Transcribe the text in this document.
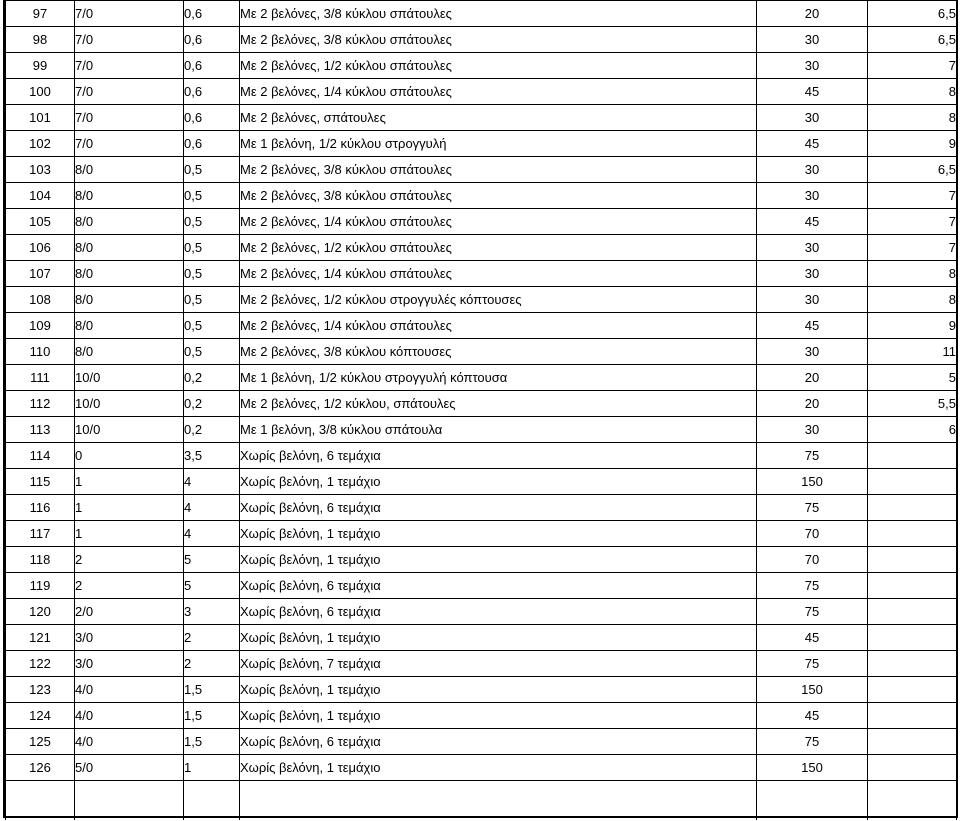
97	7/0	0,6	Με 2 βελόνες, 3/8 κύκλου σπάτουλες	20	6,5
98	7/0	0,6	Με 2 βελόνες, 3/8 κύκλου σπάτουλες	30	6,5
99	7/0	0,6	Με 2 βελόνες, 1/2 κύκλου σπάτουλες	30	7
100	7/0	0,6	Με 2 βελόνες, 1/4 κύκλου σπάτουλες	45	8
101	7/0	0,6	Με 2 βελόνες, σπάτουλες	30	8
102	7/0	0,6	Με 1 βελόνη, 1/2 κύκλου στρογγυλή	45	9
103	8/0	0,5	Με 2 βελόνες, 3/8 κύκλου σπάτουλες	30	6,5
104	8/0	0,5	Με 2 βελόνες, 3/8 κύκλου σπάτουλες	30	7
105	8/0	0,5	Με 2 βελόνες, 1/4 κύκλου σπάτουλες	45	7
106	8/0	0,5	Με 2 βελόνες, 1/2 κύκλου σπάτουλες	30	7
107	8/0	0,5	Με 2 βελόνες, 1/4 κύκλου σπάτουλες	30	8
108	8/0	0,5	Με 2 βελόνες, 1/2 κύκλου στρογγυλές κόπτουσες	30	8
109	8/0	0,5	Με 2 βελόνες, 1/4 κύκλου σπάτουλες	45	9
110	8/0	0,5	Με 2 βελόνες, 3/8 κύκλου κόπτουσες	30	11
111	10/0	0,2	Με 1 βελόνη, 1/2 κύκλου στρογγυλή κόπτουσα	20	5
112	10/0	0,2	Με 2 βελόνες, 1/2 κύκλου, σπάτουλες	20	5,5
113	10/0	0,2	Με 1 βελόνη, 3/8 κύκλου σπάτουλα	30	6
114	0	3,5	Χωρίς βελόνη, 6 τεμάχια	75	
115	1	4	Χωρίς βελόνη, 1 τεμάχιο	150	
116	1	4	Χωρίς βελόνη, 6 τεμάχια	75	
117	1	4	Χωρίς βελόνη, 1 τεμάχιο	70	
118	2	5	Χωρίς βελόνη, 1 τεμάχιο	70	
119	2	5	Χωρίς βελόνη, 6 τεμάχια	75	
120	2/0	3	Χωρίς βελόνη, 6 τεμάχια	75	
121	3/0	2	Χωρίς βελόνη, 1 τεμάχιο	45	
122	3/0	2	Χωρίς βελόνη, 7 τεμάχια	75	
123	4/0	1,5	Χωρίς βελόνη, 1 τεμάχιο	150	
124	4/0	1,5	Χωρίς βελόνη, 1 τεμάχιο	45	
125	4/0	1,5	Χωρίς βελόνη, 6 τεμάχια	75	
126	5/0	1	Χωρίς βελόνη, 1 τεμάχιο	150	
